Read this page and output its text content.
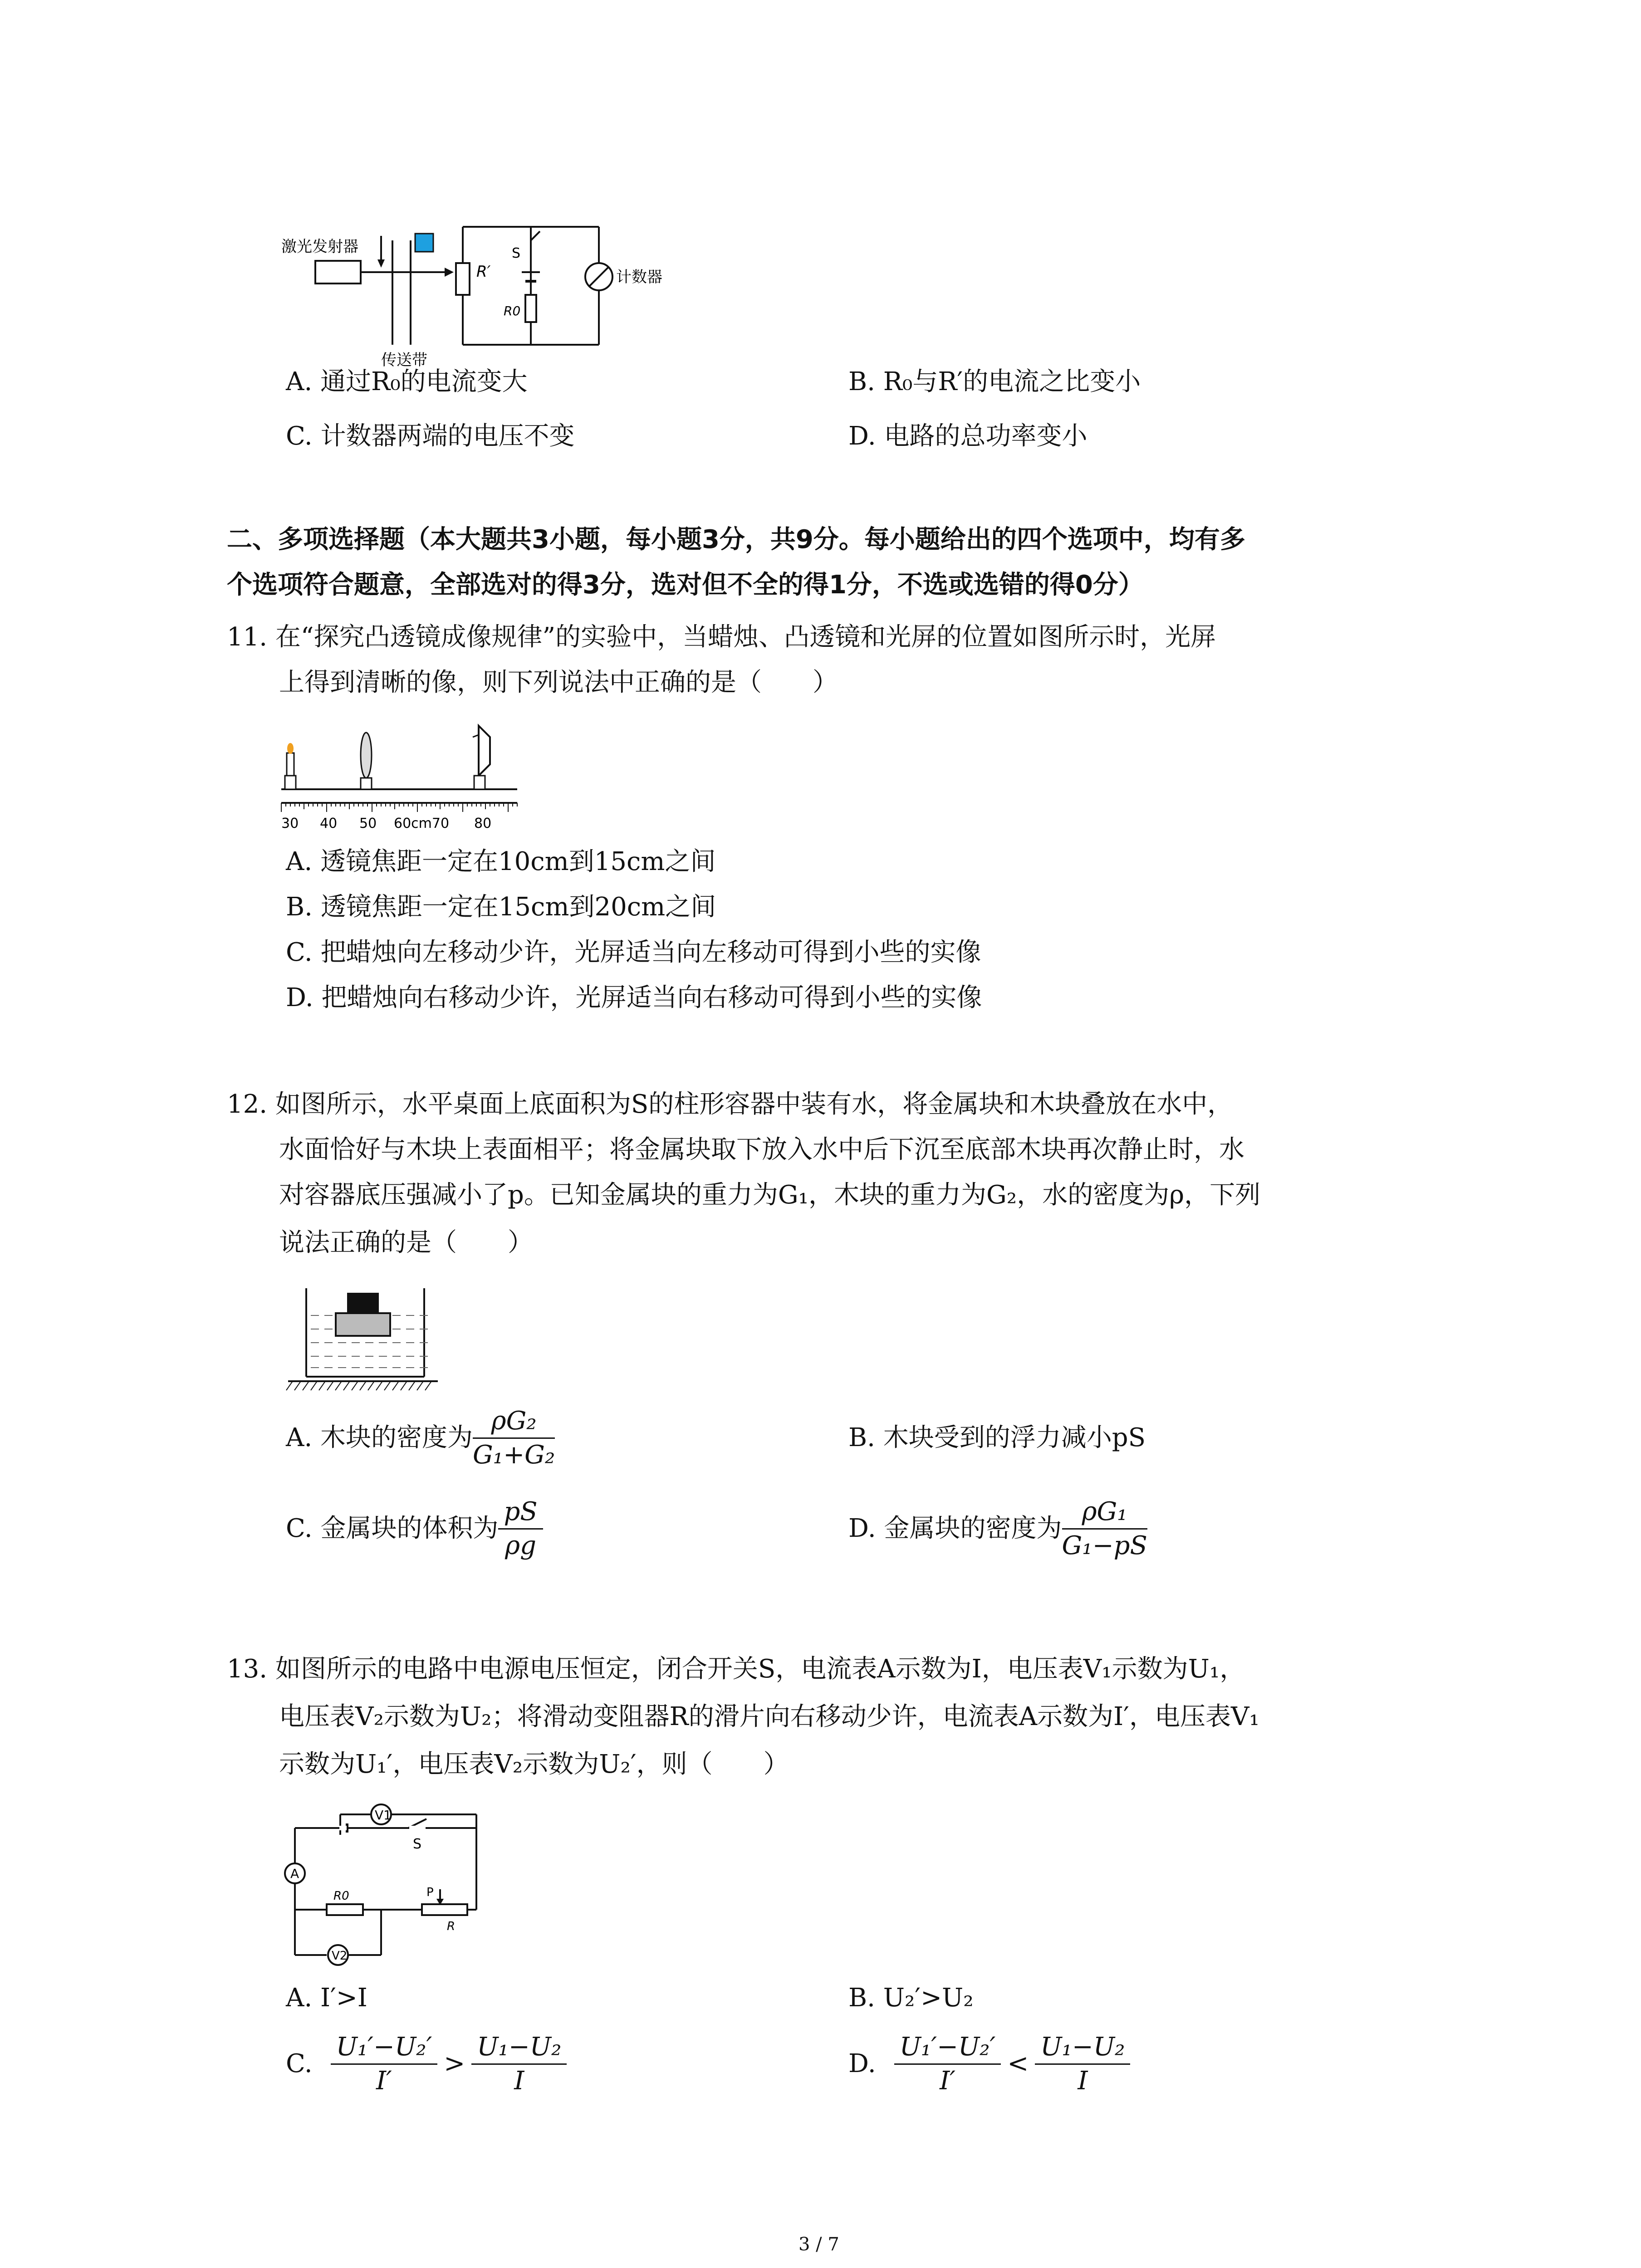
激光发射器
传送带
R′
S
R0
计数器
A. 通过R₀的电流变大	B. R₀与R′的电流之比变小
C. 计数器两端的电压不变	D. 电路的总功率变小
二、多项选择题（本大题共3小题，每小题3分，共9分。每小题给出的四个选项中，均有多
个选项符合题意，全部选对的得3分，选对但不全的得1分，不选或选错的得0分）
11. 在“探究凸透镜成像规律”的实验中，当蜡烛、凸透镜和光屏的位置如图所示时，光屏
上得到清晰的像，则下列说法中正确的是（　　）
30 40 50 60cm70 80
A. 透镜焦距一定在10cm到15cm之间
B. 透镜焦距一定在15cm到20cm之间
C. 把蜡烛向左移动少许，光屏适当向左移动可得到小些的实像
D. 把蜡烛向右移动少许，光屏适当向右移动可得到小些的实像
12. 如图所示，水平桌面上底面积为S的柱形容器中装有水，将金属块和木块叠放在水中，
水面恰好与木块上表面相平；将金属块取下放入水中后下沉至底部木块再次静止时，水
对容器底压强减小了p。已知金属块的重力为G₁，木块的重力为G₂，水的密度为ρ，下列
说法正确的是（　　）
A. 木块的密度为 $\frac{\text{ρG₂}}{\text{G₁+G₂}}$	B. 木块受到的浮力减小pS
C. 金属块的体积为 $\frac{pS}{\rho g}$	D. 金属块的密度为 $\frac{\text{ρG₁}}{\text{G₁−pS}}$
13. 如图所示的电路中电源电压恒定，闭合开关S，电流表A示数为I，电压表V₁示数为U₁，
电压表V₂示数为U₂；将滑动变阻器R的滑片向右移动少许，电流表A示数为I′，电压表V₁
示数为U₁′，电压表V₂示数为U₂′，则（　　）
V1
S
A
R0	P
R
V2
A. I′>I	B. U₂′>U₂
C. $\frac{\text{U₁′−U₂′}}{I'} > \frac{\text{U₁−U₂}}{I}$	D. $\frac{\text{U₁′−U₂′}}{I'} < \frac{\text{U₁−U₂}}{I}$
3 / 7
